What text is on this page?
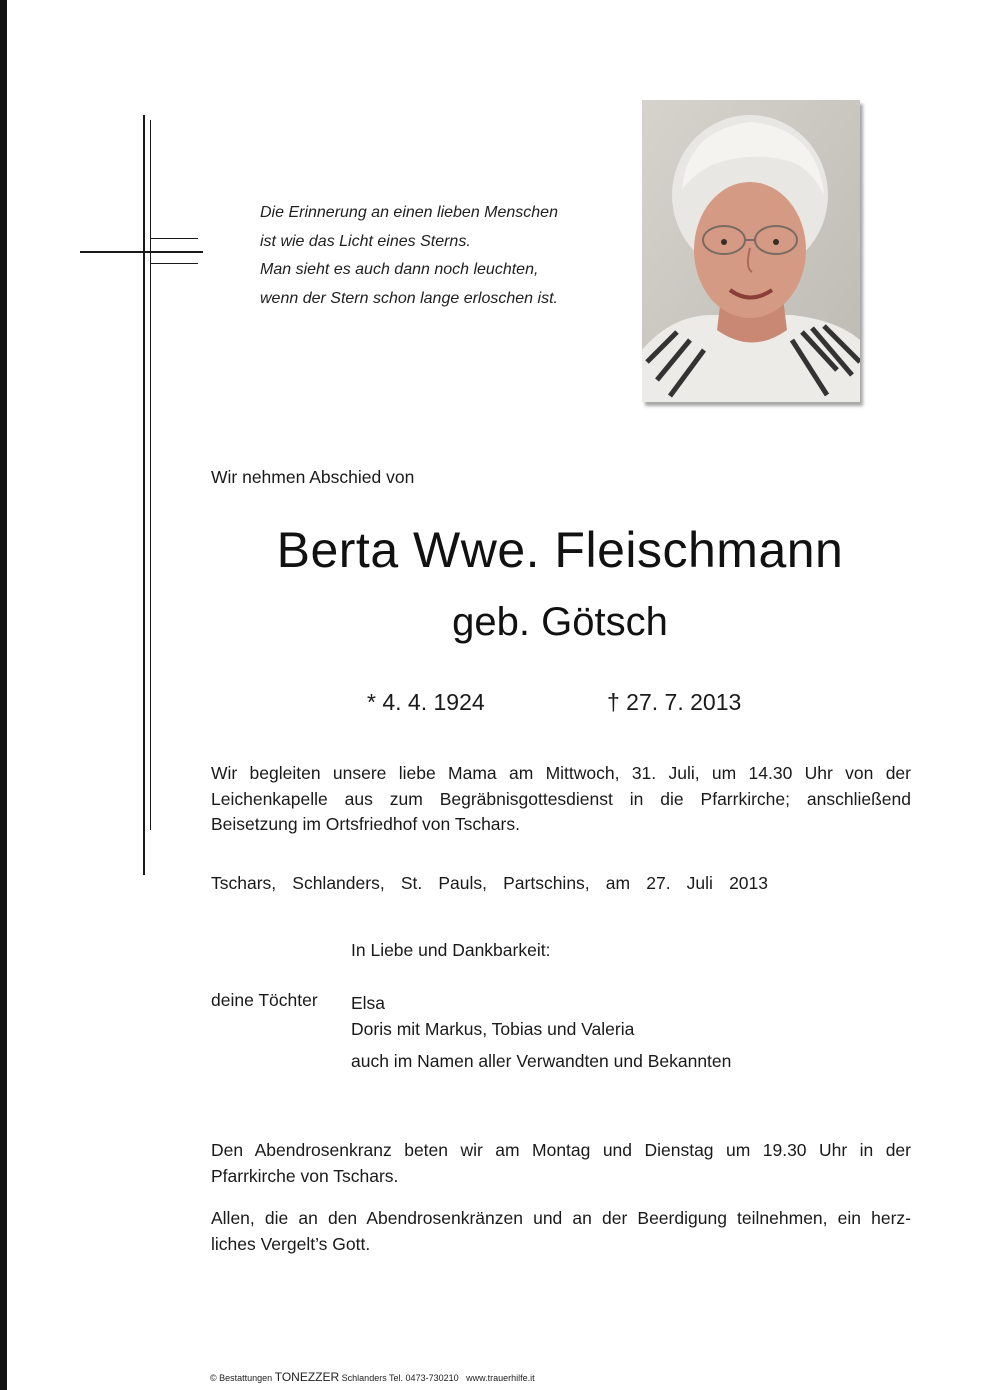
Die Erinnerung an einen lieben Menschen
ist wie das Licht eines Sterns.
Man sieht es auch dann noch leuchten,
wenn der Stern schon lange erloschen ist.
Wir nehmen Abschied von
Berta Wwe. Fleischmann
geb. Götsch
* 4. 4. 1924	† 27. 7. 2013
Wir begleiten unsere liebe Mama am Mittwoch, 31. Juli, um 14.30 Uhr von der
Leichenkapelle aus zum Begräbnisgottesdienst in die Pfarrkirche; anschließend
Beisetzung im Ortsfriedhof von Tschars.
Tschars, Schlanders, St. Pauls, Partschins, am 27. Juli 2013
In Liebe und Dankbarkeit:
deine Töchter Elsa
Doris mit Markus, Tobias und Valeria
auch im Namen aller Verwandten und Bekannten
Den Abendrosenkranz beten wir am Montag und Dienstag um 19.30 Uhr in der
Pfarrkirche von Tschars.
Allen, die an den Abendrosenkränzen und an der Beerdigung teilnehmen, ein herz-
liches Vergelt’s Gott.
© Bestattungen TONEZZER Schlanders Tel. 0473-730210 www.trauerhilfe.it
